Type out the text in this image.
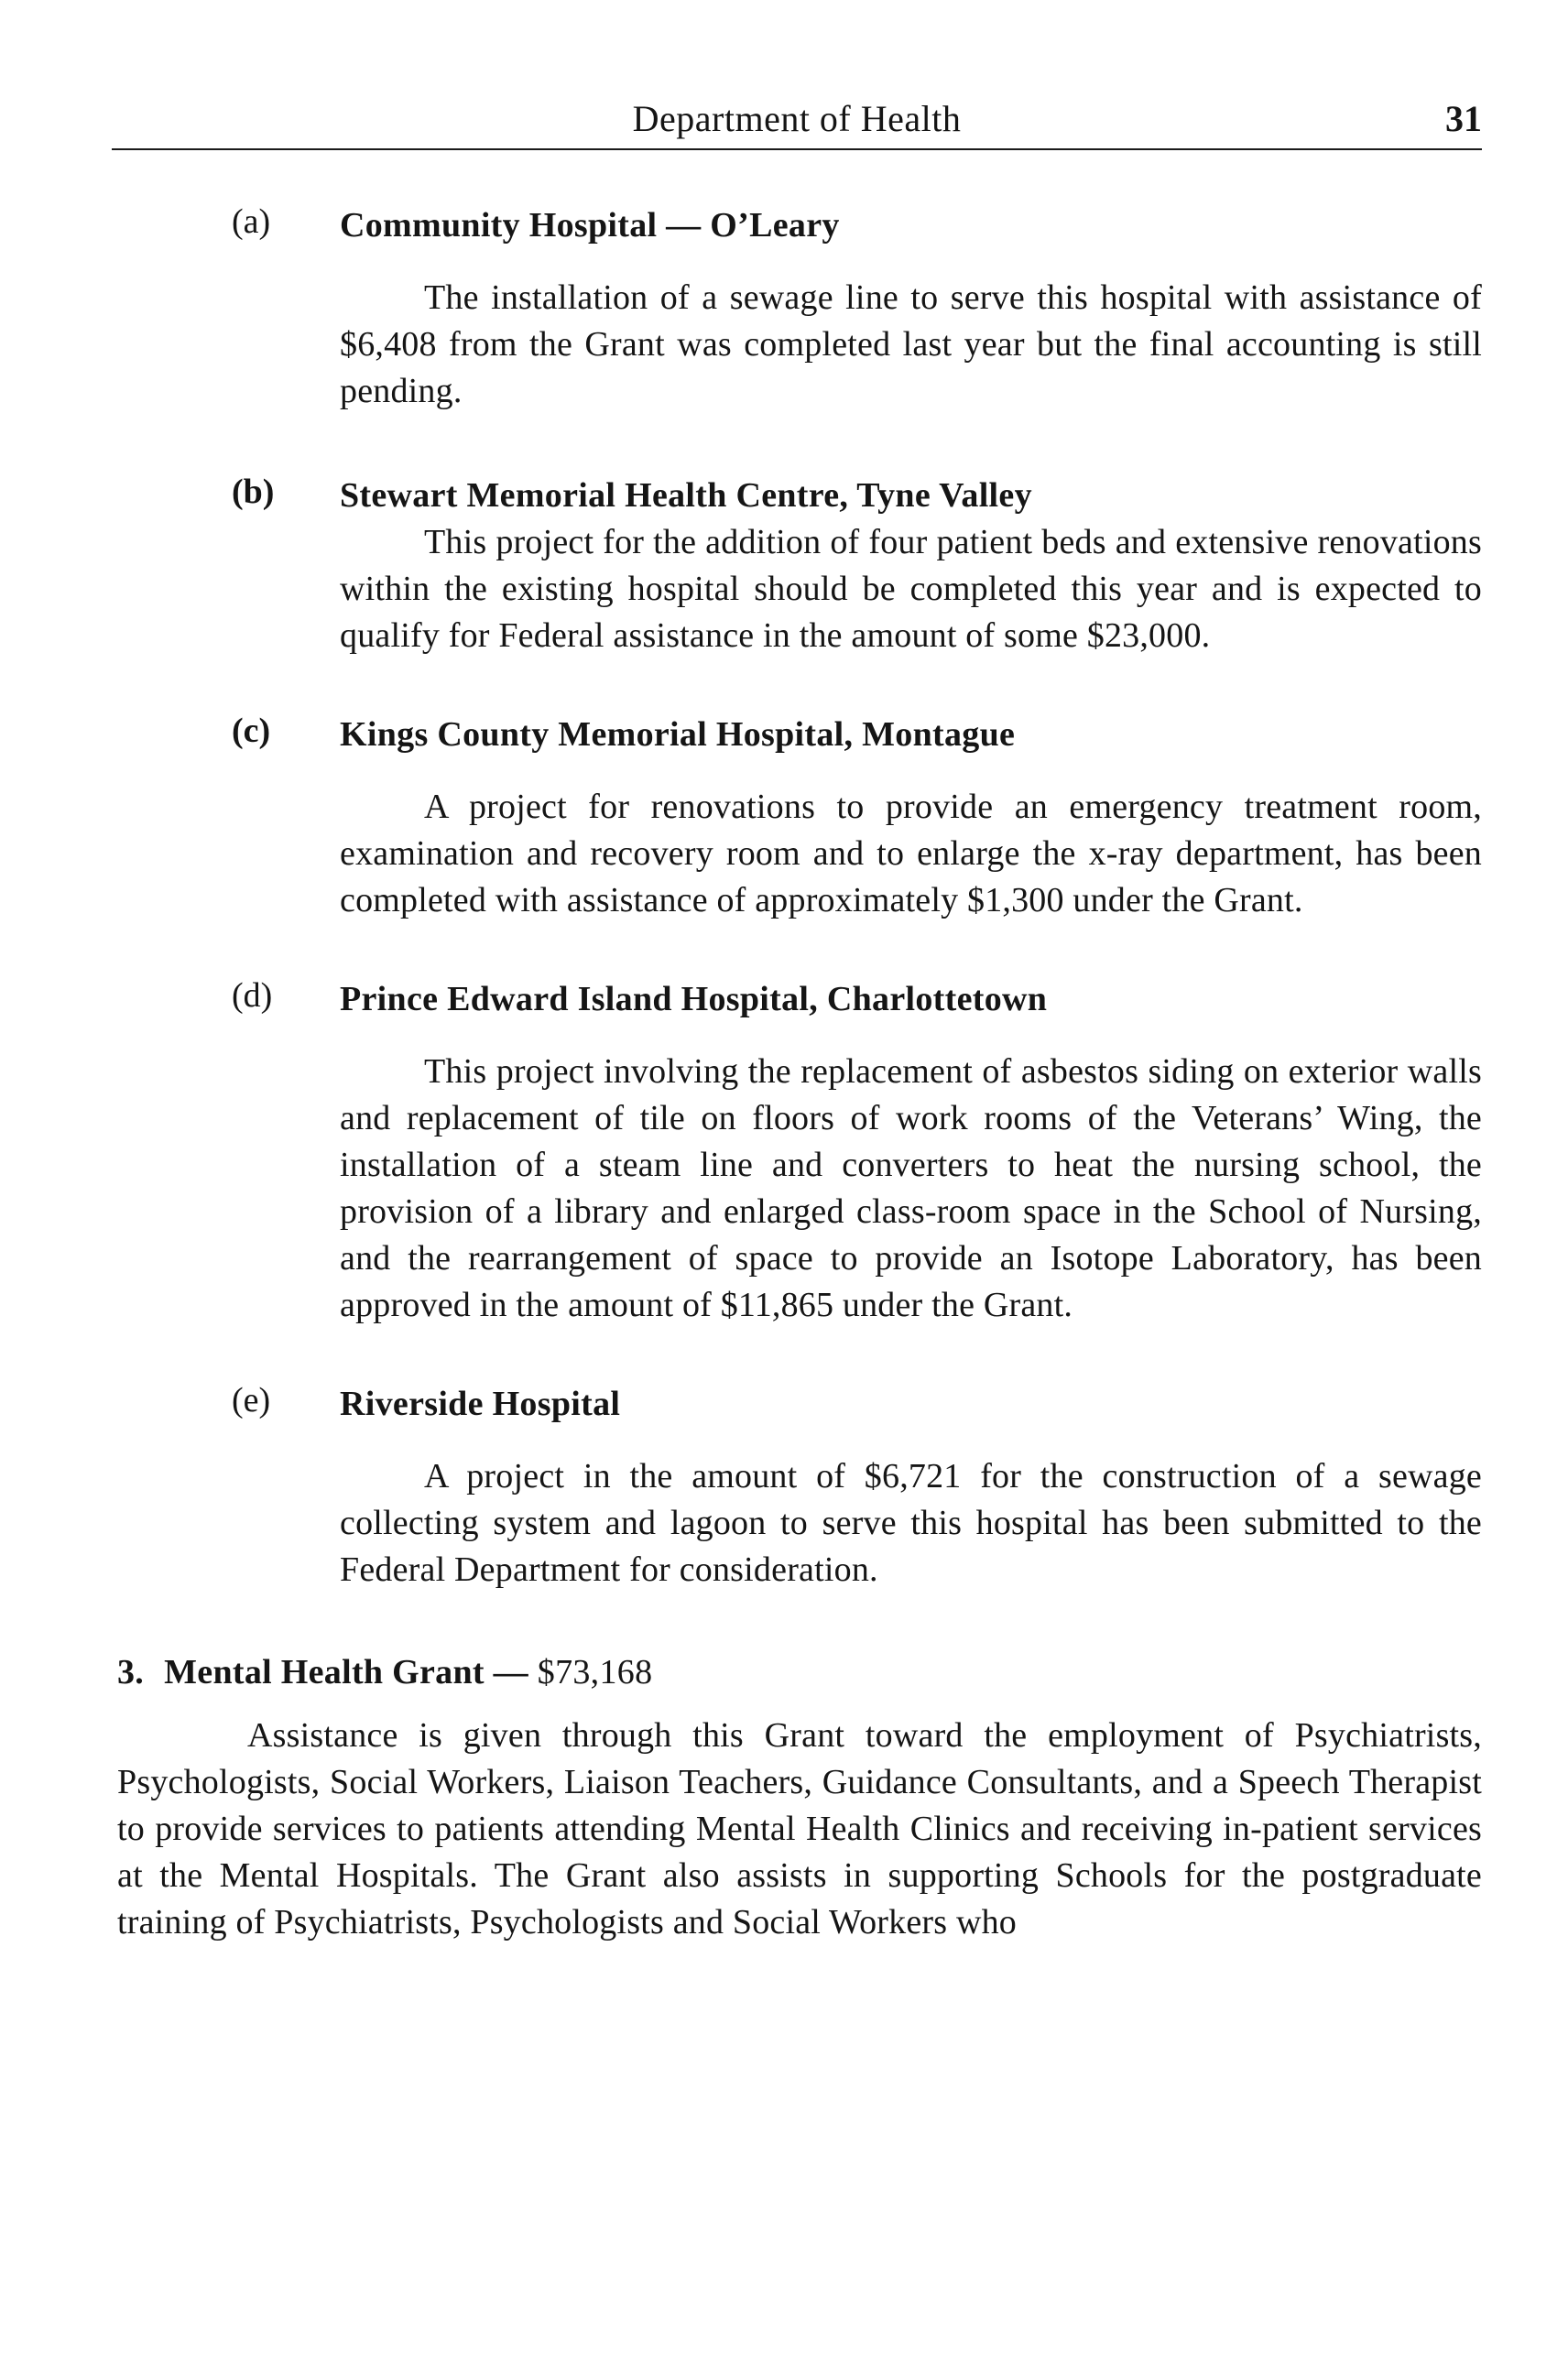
Department of Health	31
(a) Community Hospital — O’Leary
The installation of a sewage line to serve this hospital with assistance of $6,408 from the Grant was completed last year but the final accounting is still pending.
(b) Stewart Memorial Health Centre, Tyne Valley
This project for the addition of four patient beds and extensive renovations within the existing hospital should be completed this year and is expected to qualify for Federal assistance in the amount of some $23,000.
(c) Kings County Memorial Hospital, Montague
A project for renovations to provide an emergency treatment room, examination and recovery room and to enlarge the x-ray department, has been completed with assistance of approximately $1,300 under the Grant.
(d) Prince Edward Island Hospital, Charlottetown
This project involving the replacement of asbestos siding on exterior walls and replacement of tile on floors of work rooms of the Veterans’ Wing, the installation of a steam line and converters to heat the nursing school, the provision of a library and enlarged class-room space in the School of Nursing, and the rearrangement of space to provide an Isotope Laboratory, has been approved in the amount of $11,865 under the Grant.
(e) Riverside Hospital
A project in the amount of $6,721 for the construction of a sewage collecting system and lagoon to serve this hospital has been submitted to the Federal Department for consideration.
3. Mental Health Grant — $73,168
Assistance is given through this Grant toward the employment of Psychiatrists, Psychologists, Social Workers, Liaison Teachers, Guidance Consultants, and a Speech Therapist to provide services to patients attending Mental Health Clinics and receiving in-patient services at the Mental Hospitals. The Grant also assists in supporting Schools for the postgraduate training of Psychiatrists, Psychologists and Social Workers who
